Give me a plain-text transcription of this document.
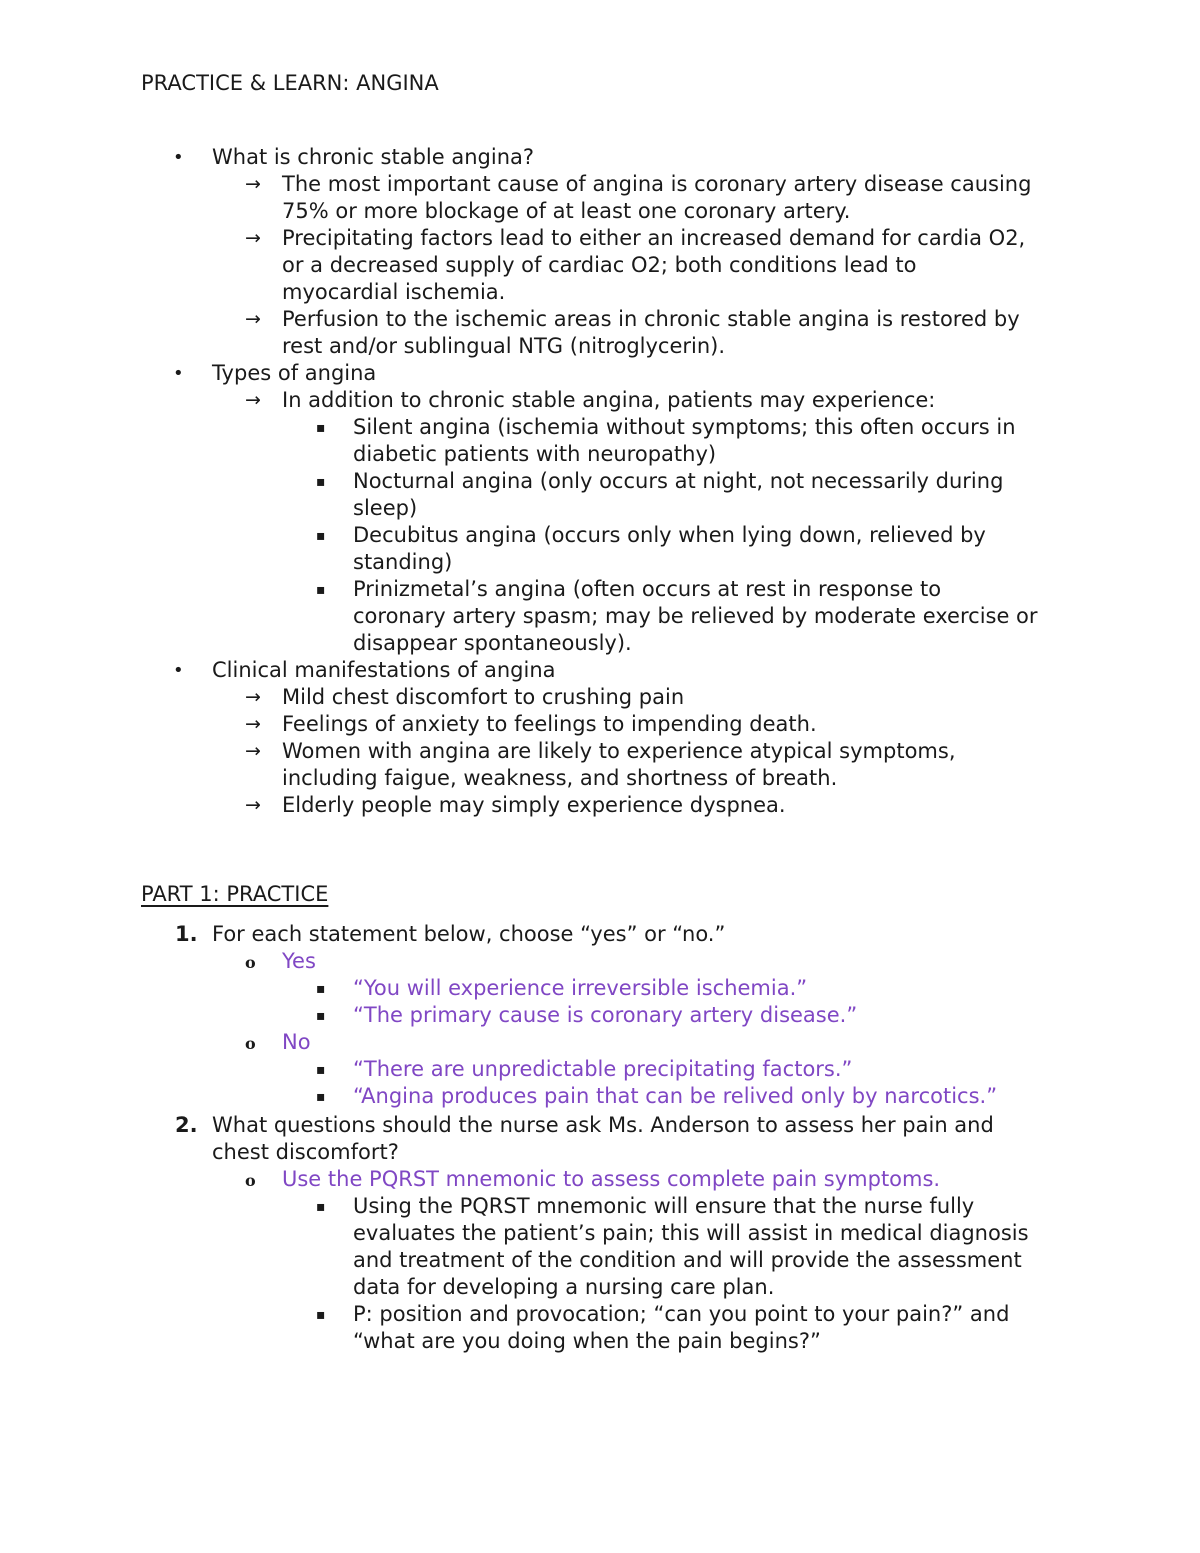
PRACTICE & LEARN: ANGINA
• What is chronic stable angina?
→ The most important cause of angina is coronary artery disease causing
75% or more blockage of at least one coronary artery.
→ Precipitating factors lead to either an increased demand for cardia O2,
or a decreased supply of cardiac O2; both conditions lead to
myocardial ischemia.
→ Perfusion to the ischemic areas in chronic stable angina is restored by
rest and/or sublingual NTG (nitroglycerin).
• Types of angina
→ In addition to chronic stable angina, patients may experience:
▪ Silent angina (ischemia without symptoms; this often occurs in
diabetic patients with neuropathy)
▪ Nocturnal angina (only occurs at night, not necessarily during
sleep)
▪ Decubitus angina (occurs only when lying down, relieved by
standing)
▪ Prinizmetal’s angina (often occurs at rest in response to
coronary artery spasm; may be relieved by moderate exercise or
disappear spontaneously).
• Clinical manifestations of angina
→ Mild chest discomfort to crushing pain
→ Feelings of anxiety to feelings to impending death.
→ Women with angina are likely to experience atypical symptoms,
including faigue, weakness, and shortness of breath.
→ Elderly people may simply experience dyspnea.
PART 1: PRACTICE
1. For each statement below, choose “yes” or “no.”
o Yes
▪ “You will experience irreversible ischemia.”
▪ “The primary cause is coronary artery disease.”
o No
▪ “There are unpredictable precipitating factors.”
▪ “Angina produces pain that can be relived only by narcotics.”
2. What questions should the nurse ask Ms. Anderson to assess her pain and
chest discomfort?
o Use the PQRST mnemonic to assess complete pain symptoms.
▪ Using the PQRST mnemonic will ensure that the nurse fully
evaluates the patient’s pain; this will assist in medical diagnosis
and treatment of the condition and will provide the assessment
data for developing a nursing care plan.
▪ P: position and provocation; “can you point to your pain?” and
“what are you doing when the pain begins?”
